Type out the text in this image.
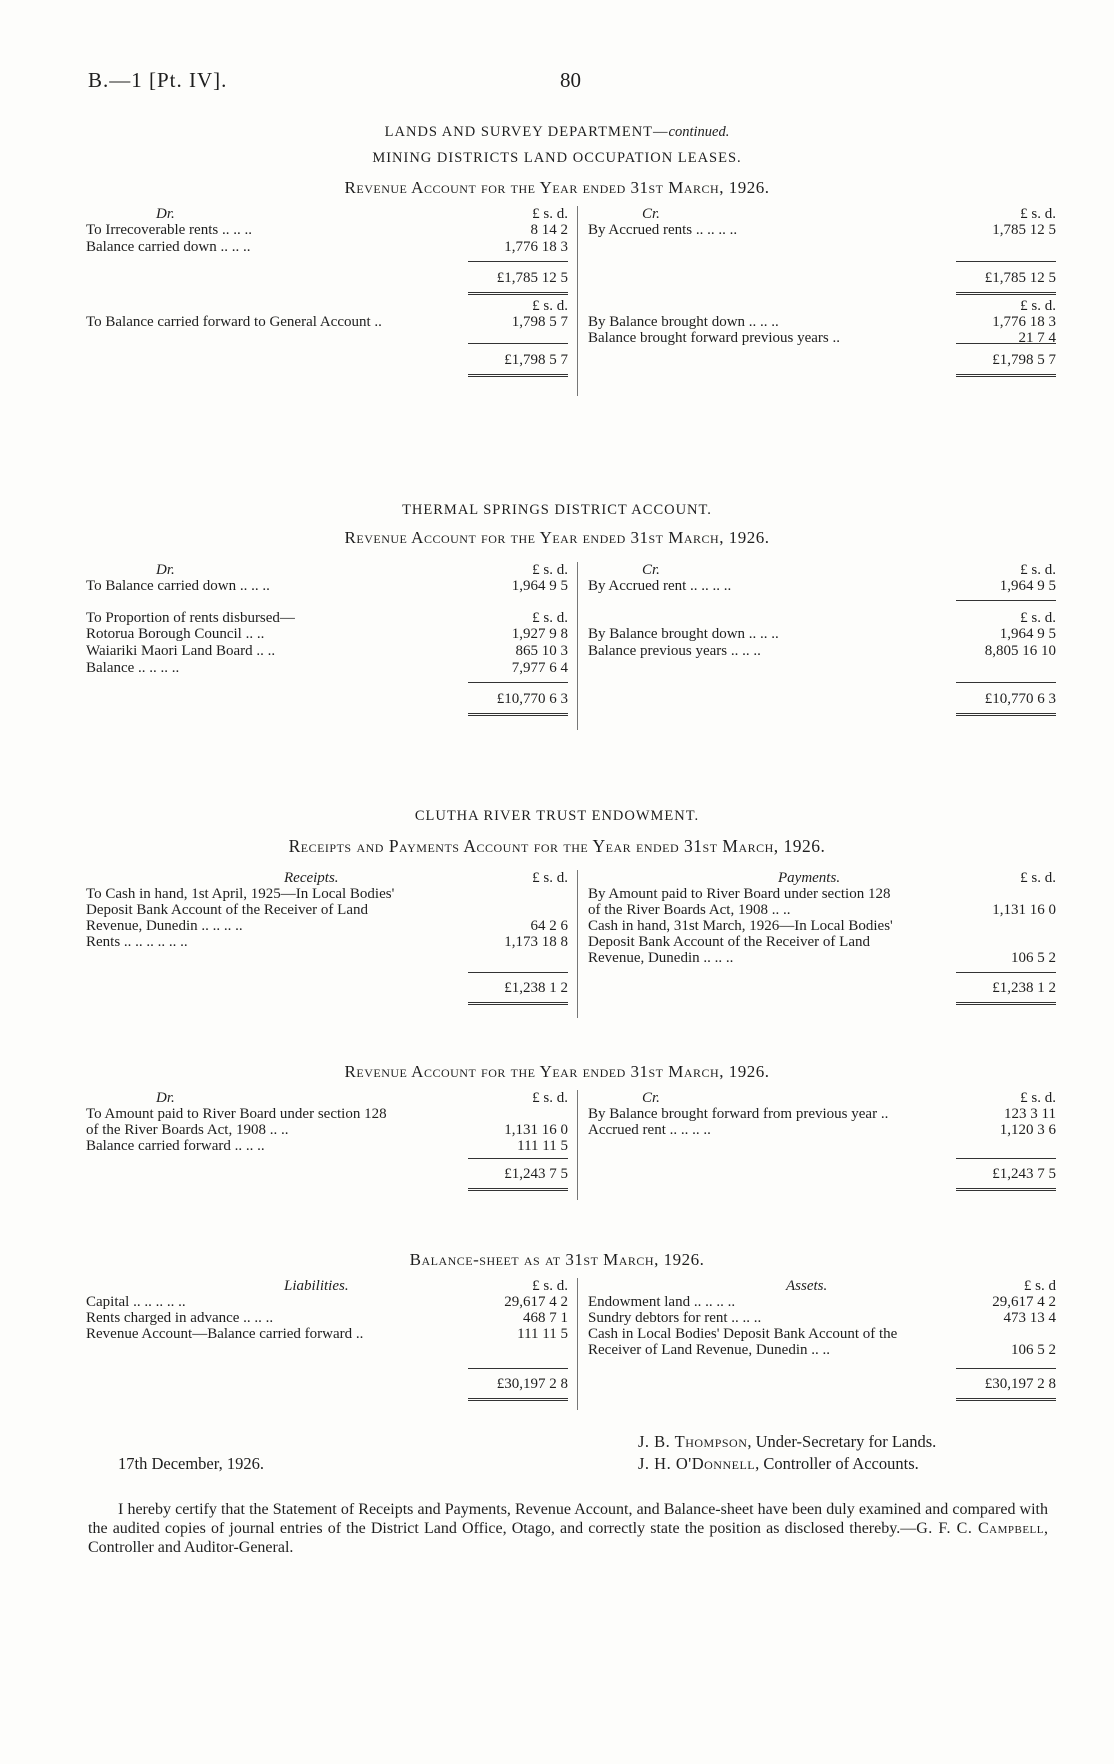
B.—1 [Pt. IV].	80
LANDS AND SURVEY DEPARTMENT—continued.
MINING DISTRICTS LAND OCCUPATION LEASES.
Revenue Account for the Year ended 31st March, 1926.
Dr.	£ s. d.
To Irrecoverable rents .. .. ..	8 14 2
Balance carried down .. .. ..	1,776 18 3
£1,785 12 5
£ s. d.
To Balance carried forward to General Account ..	1,798 5 7
£1,798 5 7
Cr.	£ s. d.
By Accrued rents .. .. .. ..	1,785 12 5
£1,785 12 5
£ s. d.
By Balance brought down .. .. ..	1,776 18 3
Balance brought forward previous years ..	21 7 4
£1,798 5 7
THERMAL SPRINGS DISTRICT ACCOUNT.
Revenue Account for the Year ended 31st March, 1926.
Dr.	£ s. d.
To Balance carried down .. .. ..	1,964 9 5
To Proportion of rents disbursed—	£ s. d.
Rotorua Borough Council .. ..	1,927 9 8
Waiariki Maori Land Board .. ..	865 10 3
Balance .. .. .. ..	7,977 6 4
£10,770 6 3
Cr.	£ s. d.
By Accrued rent .. .. .. ..	1,964 9 5
£ s. d.
By Balance brought down .. .. ..	1,964 9 5
Balance previous years .. .. ..	8,805 16 10
£10,770 6 3
CLUTHA RIVER TRUST ENDOWMENT.
Receipts and Payments Account for the Year ended 31st March, 1926.
Receipts.	£ s. d.
To Cash in hand, 1st April, 1925—In Local Bodies'
Deposit Bank Account of the Receiver of Land
Revenue, Dunedin .. .. .. ..	64 2 6
Rents .. .. .. .. .. ..	1,173 18 8
£1,238 1 2
Payments.	£ s. d.
By Amount paid to River Board under section 128
of the River Boards Act, 1908 .. ..	1,131 16 0
Cash in hand, 31st March, 1926—In Local Bodies'
Deposit Bank Account of the Receiver of Land
Revenue, Dunedin .. .. ..	106 5 2
£1,238 1 2
Revenue Account for the Year ended 31st March, 1926.
Dr.	£ s. d.
To Amount paid to River Board under section 128
of the River Boards Act, 1908 .. ..	1,131 16 0
Balance carried forward .. .. ..	111 11 5
£1,243 7 5
Cr.	£ s. d.
By Balance brought forward from previous year ..	123 3 11
Accrued rent .. .. .. ..	1,120 3 6
£1,243 7 5
Balance-sheet as at 31st March, 1926.
Liabilities.	£ s. d.
Capital .. .. .. .. ..	29,617 4 2
Rents charged in advance .. .. ..	468 7 1
Revenue Account—Balance carried forward ..	111 11 5
£30,197 2 8
Assets.	£ s. d
Endowment land .. .. .. ..	29,617 4 2
Sundry debtors for rent .. .. ..	473 13 4
Cash in Local Bodies' Deposit Bank Account of the
Receiver of Land Revenue, Dunedin .. ..	106 5 2
£30,197 2 8
J. B. Thompson, Under-Secretary for Lands.
17th December, 1926.	J. H. O'Donnell, Controller of Accounts.
I hereby certify that the Statement of Receipts and Payments, Revenue Account, and Balance-sheet have been duly examined and compared with the audited copies of journal entries of the District Land Office, Otago, and correctly state the position as disclosed thereby.—G. F. C. Campbell, Controller and Auditor-General.
